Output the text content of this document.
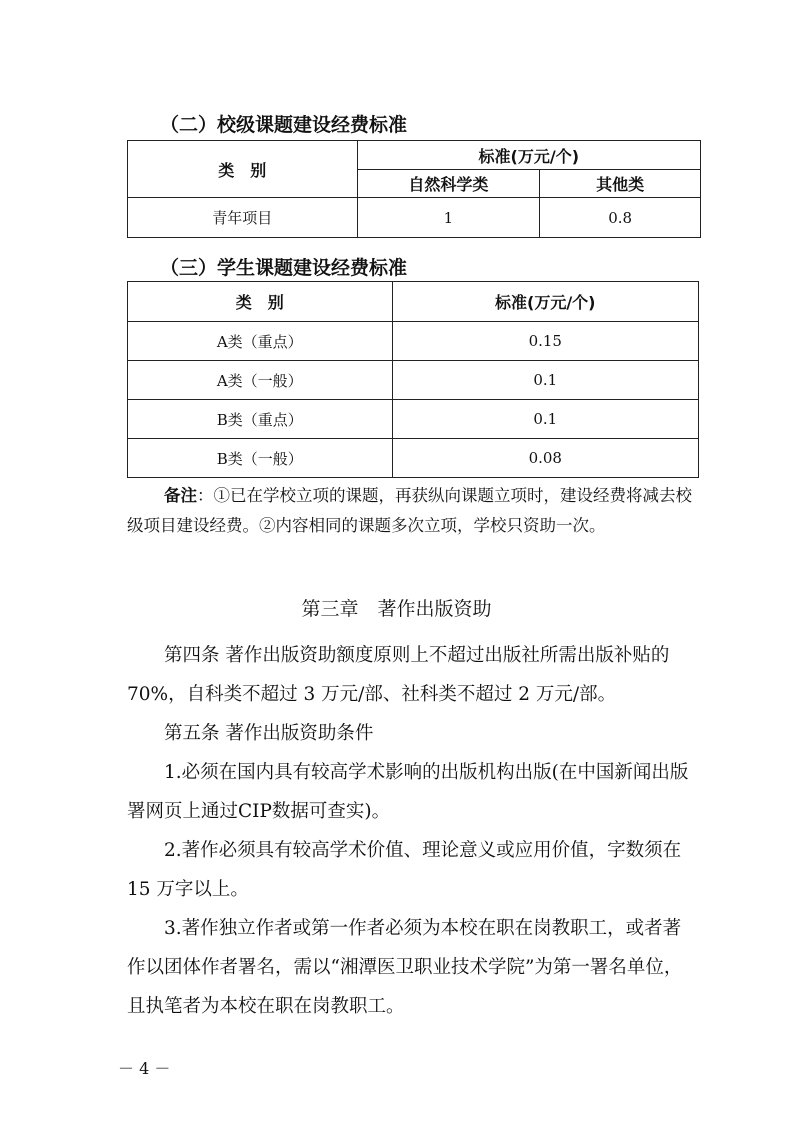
（二）校级课题建设经费标准
类　别	标准(万元/个)	
	自然科学类	其他类
青年项目	1	0.8
（三）学生课题建设经费标准
类　别	标准(万元/个)
A类（重点）	0.15
A类（一般）	0.1
B类（重点）	0.1
B类（一般）	0.08
备注：①已在学校立项的课题，再获纵向课题立项时，建设经费将减去校级项目建设经费。②内容相同的课题多次立项，学校只资助一次。
第三章　著作出版资助
第四条 著作出版资助额度原则上不超过出版社所需出版补贴的 70%，自科类不超过 3 万元/部、社科类不超过 2 万元/部。
第五条 著作出版资助条件
1.必须在国内具有较高学术影响的出版机构出版(在中国新闻出版署网页上通过CIP数据可查实)。
2.著作必须具有较高学术价值、理论意义或应用价值，字数须在 15 万字以上。
3.著作独立作者或第一作者必须为本校在职在岗教职工，或者著作以团体作者署名，需以“湘潭医卫职业技术学院”为第一署名单位，且执笔者为本校在职在岗教职工。
－ 4 －
